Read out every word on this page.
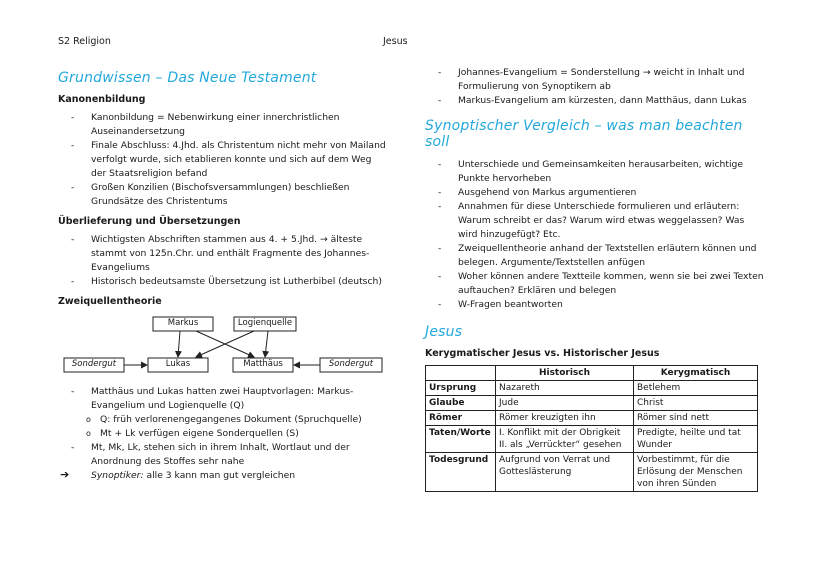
S2 Religion	Jesus
Grundwissen – Das Neue Testament
Kanonenbildung
- Kanonbildung = Nebenwirkung einer innerchristlichen Auseinandersetzung
- Finale Abschluss: 4.Jhd. als Christentum nicht mehr von Mailand verfolgt wurde, sich etablieren konnte und sich auf dem Weg der Staatsreligion befand
- Großen Konzilien (Bischofsversammlungen) beschließen Grundsätze des Christentums
Überlieferung und Übersetzungen
- Wichtigsten Abschriften stammen aus 4. + 5.Jhd. → älteste stammt von 125n.Chr. und enthält Fragmente des Johannes-Evangeliums
- Historisch bedeutsamste Übersetzung ist Lutherbibel (deutsch)
Zweiquellentheorie
Markus	Logienquelle
Sondergut	Lukas	Matthäus	Sondergut
- Matthäus und Lukas hatten zwei Hauptvorlagen: Markus-Evangelium und Logienquelle (Q)
o Q: früh verlorenengegangenes Dokument (Spruchquelle)
o Mt + Lk verfügen eigene Sonderquellen (S)
- Mt, Mk, Lk, stehen sich in ihrem Inhalt, Wortlaut und der Anordnung des Stoffes sehr nahe
➔ Synoptiker: alle 3 kann man gut vergleichen
- Johannes-Evangelium = Sonderstellung → weicht in Inhalt und Formulierung von Synoptikern ab
- Markus-Evangelium am kürzesten, dann Matthäus, dann Lukas
Synoptischer Vergleich – was man beachten soll
- Unterschiede und Gemeinsamkeiten herausarbeiten, wichtige Punkte hervorheben
- Ausgehend von Markus argumentieren
- Annahmen für diese Unterschiede formulieren und erläutern: Warum schreibt er das? Warum wird etwas weggelassen? Was wird hinzugefügt? Etc.
- Zweiquellentheorie anhand der Textstellen erläutern können und belegen. Argumente/Textstellen anfügen
- Woher können andere Textteile kommen, wenn sie bei zwei Texten auftauchen? Erklären und belegen
- W-Fragen beantworten
Jesus
Kerygmatischer Jesus vs. Historischer Jesus
	Historisch	Kerygmatisch
Ursprung	Nazareth	Betlehem
Glaube	Jude	Christ
Römer	Römer kreuzigten ihn	Römer sind nett
Taten/Worte	I. Konflikt mit der Obrigkeit II. als „Verrückter“ gesehen	Predigte, heilte und tat Wunder
Todesgrund	Aufgrund von Verrat und Gotteslästerung	Vorbestimmt, für die Erlösung der Menschen von ihren Sünden
